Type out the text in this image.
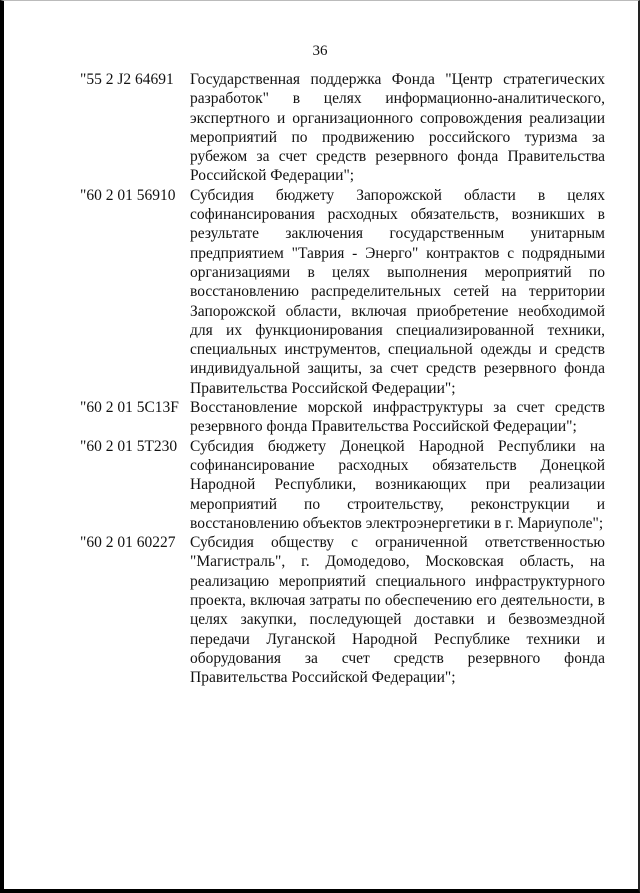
36
"55 2 J2 64691	Государственная поддержка Фонда "Центр стратегических разработок" в целях информационно-аналитического, экспертного и организационного сопровождения реализации мероприятий по продвижению российского туризма за рубежом за счет средств резервного фонда Правительства Российской Федерации";
"60 2 01 56910 Субсидия бюджету Запорожской области в целях софинансирования расходных обязательств, возникших в результате заключения государственным унитарным предприятием "Таврия - Энерго" контрактов с подрядными организациями в целях выполнения мероприятий по восстановлению распределительных сетей на территории Запорожской области, включая приобретение необходимой для их функционирования специализированной техники, специальных инструментов, специальной одежды и средств индивидуальной защиты, за счет средств резервного фонда Правительства Российской Федерации";
"60 2 01 5C13F Восстановление морской инфраструктуры за счет средств резервного фонда Правительства Российской Федерации";
"60 2 01 5T230 Субсидия бюджету Донецкой Народной Республики на софинансирование расходных обязательств Донецкой Народной Республики, возникающих при реализации мероприятий по строительству, реконструкции и восстановлению объектов электроэнергетики в г. Мариуполе";
"60 2 01 60227 Субсидия обществу с ограниченной ответственностью "Магистраль", г. Домодедово, Московская область, на реализацию мероприятий специального инфраструктурного проекта, включая затраты по обеспечению его деятельности, в целях закупки, последующей доставки и безвозмездной передачи Луганской Народной Республике техники и оборудования за счет средств резервного фонда Правительства Российской Федерации";
